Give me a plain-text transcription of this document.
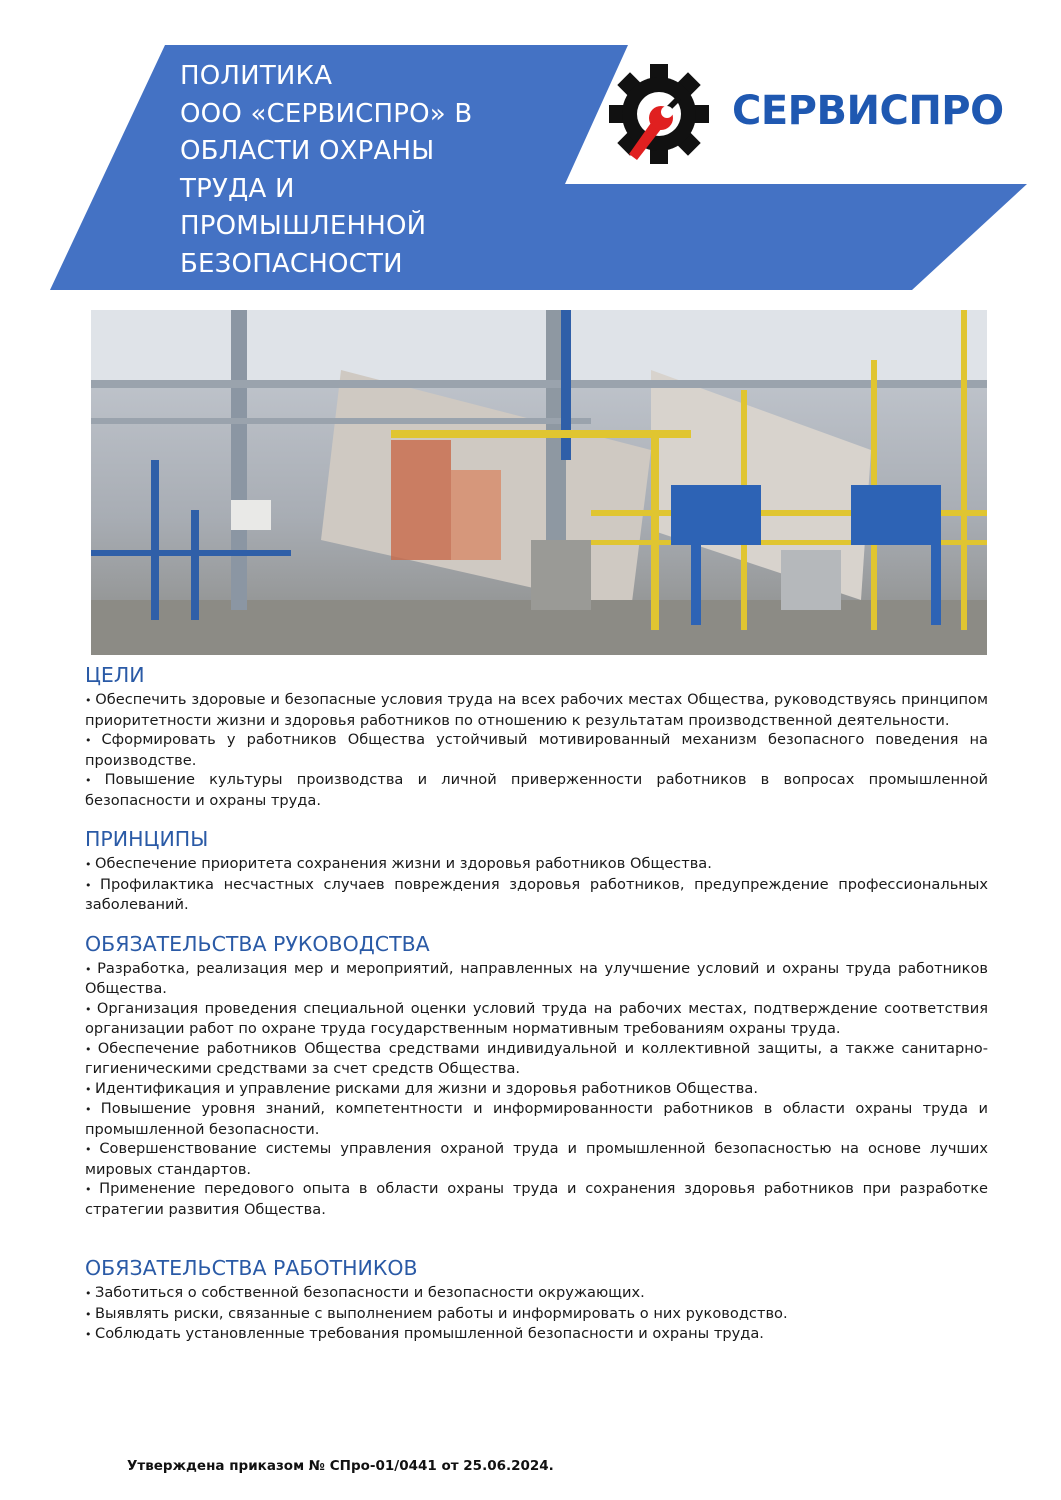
ПОЛИТИКА
ООО «СЕРВИСПРО» В
ОБЛАСТИ ОХРАНЫ
ТРУДА И
ПРОМЫШЛЕННОЙ
БЕЗОПАСНОСТИ
СЕРВИСПРО
ЦЕЛИ
• Обеспечить здоровые и безопасные условия труда на всех рабочих местах Общества, руководствуясь принципом приоритетности жизни и здоровья работников по отношению к результатам производственной деятельности.
• Сформировать у работников Общества устойчивый мотивированный механизм безопасного поведения на производстве.
• Повышение культуры производства и личной приверженности работников в вопросах промышленной безопасности и охраны труда.
ПРИНЦИПЫ
• Обеспечение приоритета сохранения жизни и здоровья работников Общества.
• Профилактика несчастных случаев повреждения здоровья работников, предупреждение профессиональных заболеваний.
ОБЯЗАТЕЛЬСТВА РУКОВОДСТВА
• Разработка, реализация мер и мероприятий, направленных на улучшение условий и охраны труда работников Общества.
• Организация проведения специальной оценки условий труда на рабочих местах, подтверждение соответствия организации работ по охране труда государственным нормативным требованиям охраны труда.
• Обеспечение работников Общества средствами индивидуальной и коллективной защиты, а также санитарно-гигиеническими средствами за счет средств Общества.
• Идентификация и управление рисками для жизни и здоровья работников Общества.
• Повышение уровня знаний, компетентности и информированности работников в области охраны труда и промышленной безопасности.
• Совершенствование системы управления охраной труда и промышленной безопасностью на основе лучших мировых стандартов.
• Применение передового опыта в области охраны труда и сохранения здоровья работников при разработке стратегии развития Общества.
ОБЯЗАТЕЛЬСТВА РАБОТНИКОВ
• Заботиться о собственной безопасности и безопасности окружающих.
• Выявлять риски, связанные с выполнением работы и информировать о них руководство.
• Соблюдать установленные требования промышленной безопасности и охраны труда.
Утверждена приказом № СПро-01/0441 от 25.06.2024.
